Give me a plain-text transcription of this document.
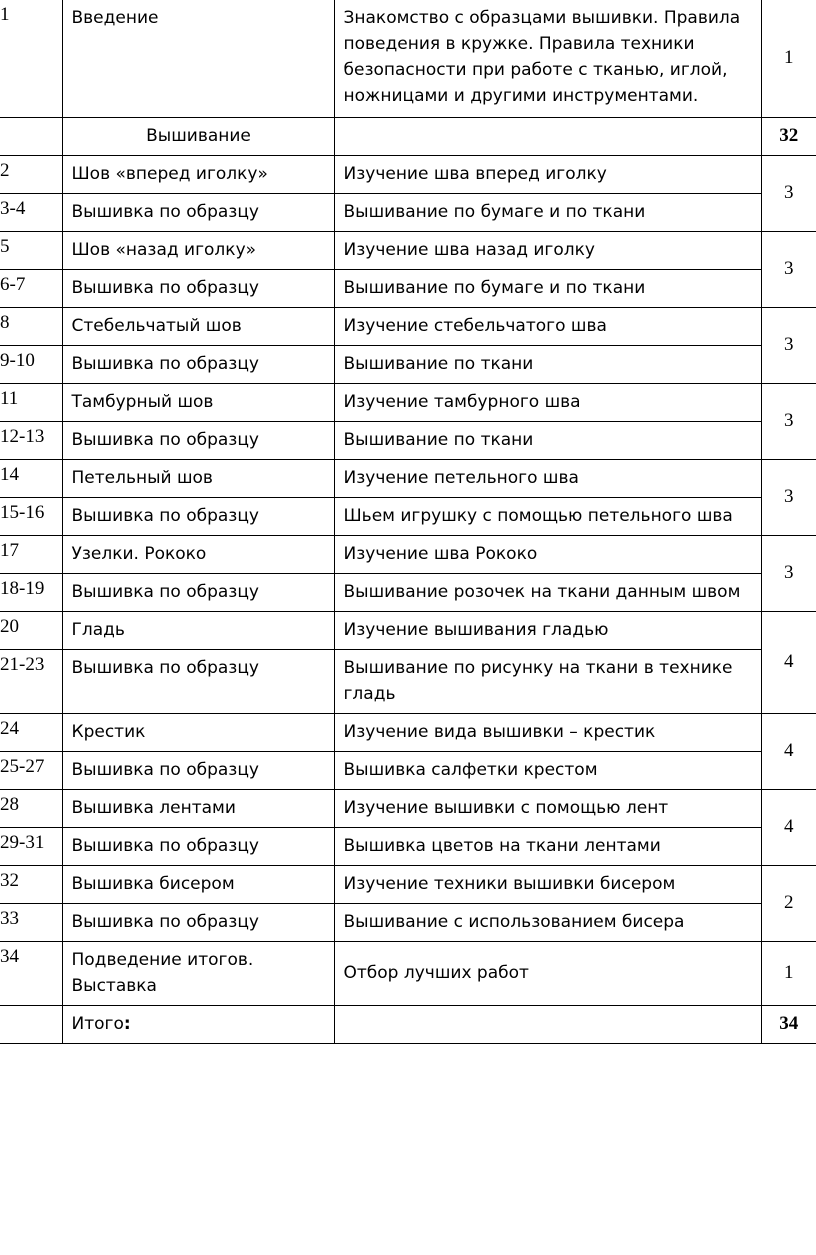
1	Введение	Знакомство с образцами вышивки. Правила поведения в кружке. Правила техники безопасности при работе с тканью, иглой, ножницами и другими инструментами.	1
	Вышивание		32
2	Шов «вперед иголку»	Изучение шва вперед иголку	3
3-4	Вышивка по образцу	Вышивание по бумаге и по ткани	
5	Шов «назад иголку»	Изучение шва назад иголку	3
6-7	Вышивка по образцу	Вышивание по бумаге и по ткани	
8	Стебельчатый шов	Изучение стебельчатого шва	3
9-10	Вышивка по образцу	Вышивание по ткани	
11	Тамбурный шов	Изучение тамбурного шва	3
12-13	Вышивка по образцу	Вышивание по ткани	
14	Петельный шов	Изучение петельного шва	3
15-16	Вышивка по образцу	Шьем игрушку с помощью петельного шва	
17	Узелки. Рококо	Изучение шва Рококо	3
18-19	Вышивка по образцу	Вышивание розочек на ткани данным швом	
20	Гладь	Изучение вышивания гладью	4
21-23	Вышивка по образцу	Вышивание по рисунку на ткани в технике гладь	
24	Крестик	Изучение вида вышивки – крестик	4
25-27	Вышивка по образцу	Вышивка салфетки крестом	
28	Вышивка лентами	Изучение вышивки с помощью лент	4
29-31	Вышивка по образцу	Вышивка цветов на ткани лентами	
32	Вышивка бисером	Изучение техники вышивки бисером	2
33	Вышивка по образцу	Вышивание с использованием бисера	
34	Подведение итогов. Выставка	Отбор лучших работ	1
	Итого:		34
